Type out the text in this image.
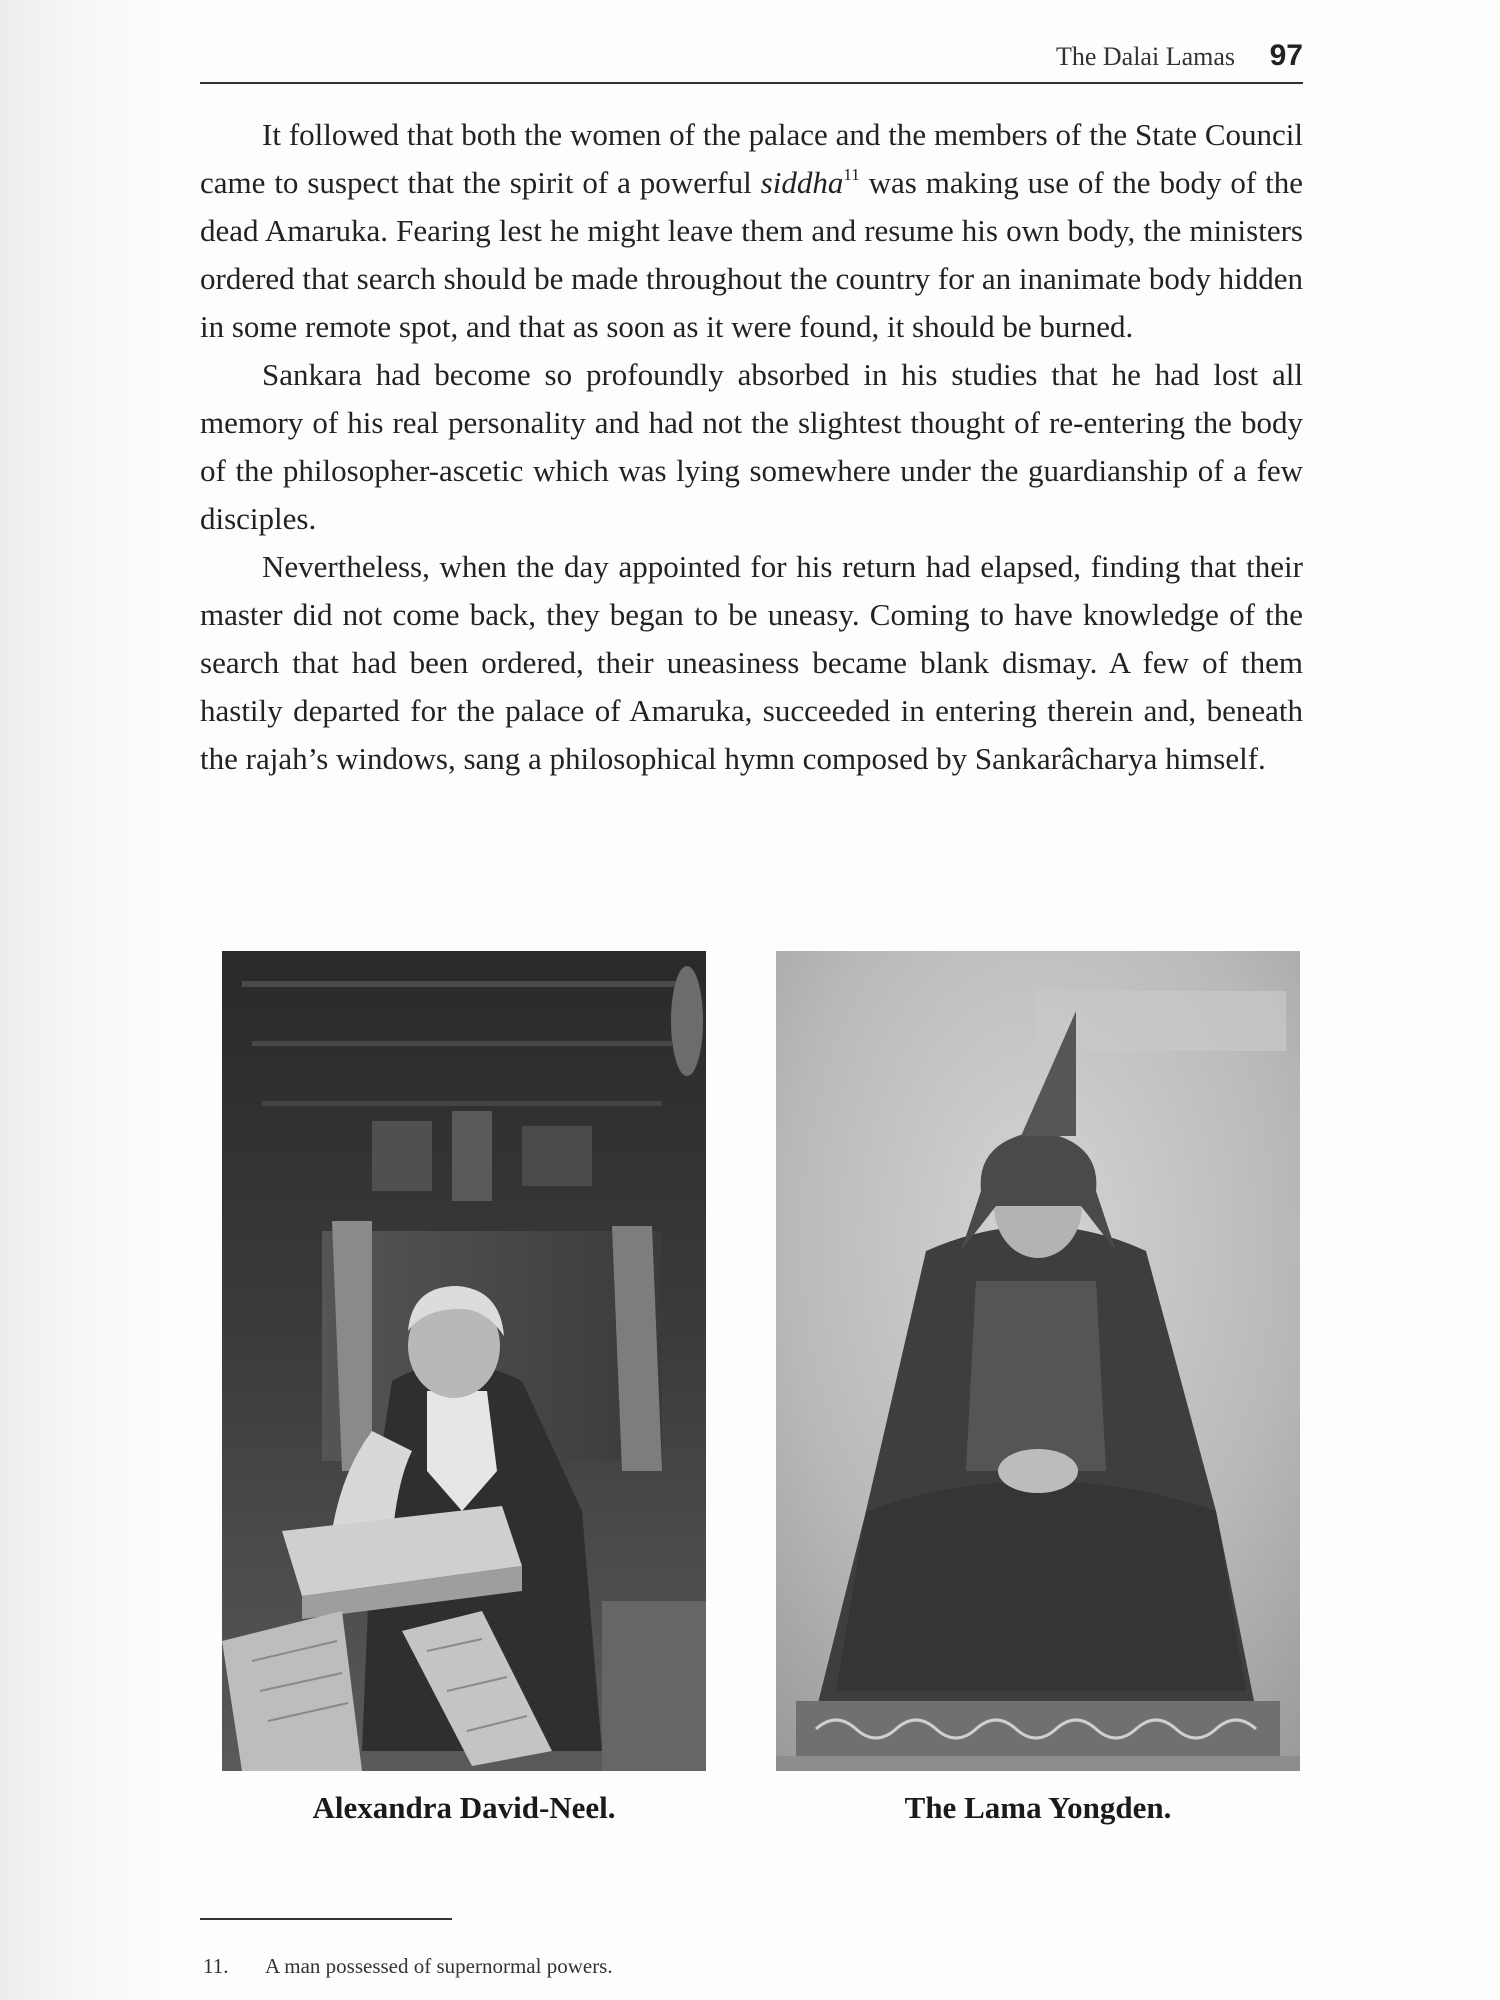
The Dalai Lamas 97

It followed that both the women of the palace and the members of the State Council came to suspect that the spirit of a powerful siddha$^{11}$ was making use of the body of the dead Amaruka. Fearing lest he might leave them and resume his own body, the ministers ordered that search should be made throughout the country for an inanimate body hidden in some remote spot, and that as soon as it were found, it should be burned.

Sankara had become so profoundly absorbed in his studies that he had lost all memory of his real personality and had not the slightest thought of re-entering the body of the philosopher-ascetic which was lying somewhere under the guardianship of a few disciples.

Nevertheless, when the day appointed for his return had elapsed, finding that their master did not come back, they began to be uneasy. Coming to have knowledge of the search that had been ordered, their uneasiness became blank dismay. A few of them hastily departed for the palace of Amaruka, succeeded in entering therein and, beneath the rajah’s windows, sang a philosophical hymn composed by Sankarâcharya himself.

Alexandra David-Neel.	The Lama Yongden.
11. A man possessed of supernormal powers.
